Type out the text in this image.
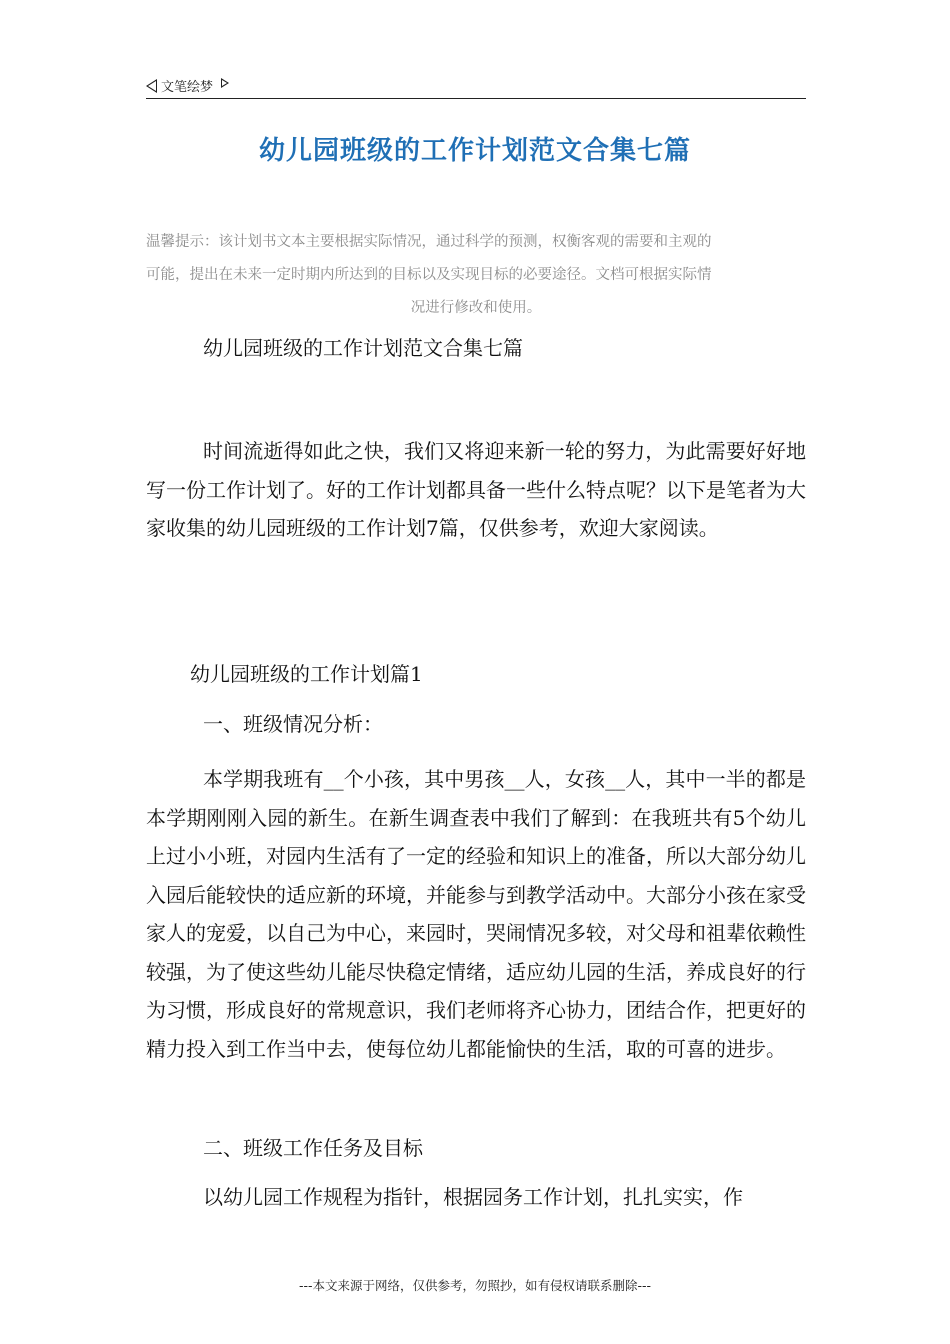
文笔绘梦
幼儿园班级的工作计划范文合集七篇
温馨提示：该计划书文本主要根据实际情况，通过科学的预测，权衡客观的需要和主观的
可能，提出在未来一定时期内所达到的目标以及实现目标的必要途径。文档可根据实际情
况进行修改和使用。
幼儿园班级的工作计划范文合集七篇
时间流逝得如此之快，我们又将迎来新一轮的努力，为此需要好好地写一份工作计划了。好的工作计划都具备一些什么特点呢？以下是笔者为大家收集的幼儿园班级的工作计划7篇，仅供参考，欢迎大家阅读。
幼儿园班级的工作计划篇1
一、班级情况分析：
本学期我班有__个小孩，其中男孩__人，女孩__人，其中一半的都是本学期刚刚入园的新生。在新生调查表中我们了解到：在我班共有5个幼儿上过小小班，对园内生活有了一定的经验和知识上的准备，所以大部分幼儿入园后能较快的适应新的环境，并能参与到教学活动中。大部分小孩在家受家人的宠爱，以自己为中心，来园时，哭闹情况多较，对父母和祖辈依赖性较强，为了使这些幼儿能尽快稳定情绪，适应幼儿园的生活，养成良好的行为习惯，形成良好的常规意识，我们老师将齐心协力，团结合作，把更好的精力投入到工作当中去，使每位幼儿都能愉快的生活，取的可喜的进步。
二、班级工作任务及目标
以幼儿园工作规程为指针，根据园务工作计划，扎扎实实，作
---本文来源于网络，仅供参考，勿照抄，如有侵权请联系删除---
